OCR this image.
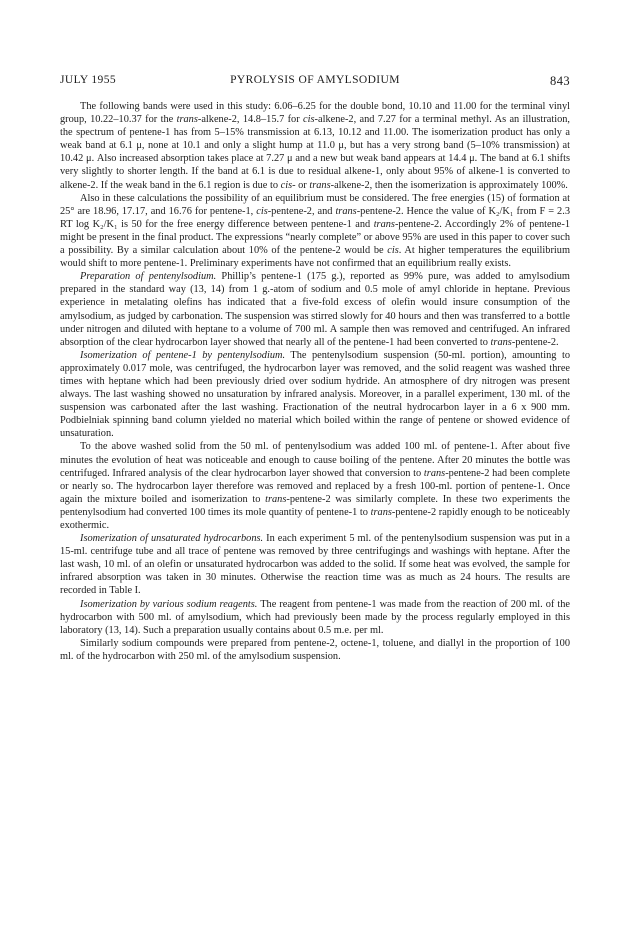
JULY 1955	PYROLYSIS OF AMYLSODIUM	843

The following bands were used in this study: 6.06–6.25 for the double bond, 10.10 and 11.00 for the terminal vinyl group, 10.22–10.37 for the trans-alkene-2, 14.8–15.7 for cis-alkene-2, and 7.27 for a terminal methyl. As an illustration, the spectrum of pentene-1 has from 5–15% transmission at 6.13, 10.12 and 11.00. The isomerization product has only a weak band at 6.1 μ, none at 10.1 and only a slight hump at 11.0 μ, but has a very strong band (5–10% transmission) at 10.42 μ. Also increased absorption takes place at 7.27 μ and a new but weak band appears at 14.4 μ. The band at 6.1 shifts very slightly to shorter length. If the band at 6.1 is due to residual alkene-1, only about 95% of alkene-1 is converted to alkene-2. If the weak band in the 6.1 region is due to cis- or trans-alkene-2, then the isomerization is approximately 100%.

Also in these calculations the possibility of an equilibrium must be considered. The free energies (15) of formation at 25° are 18.96, 17.17, and 16.76 for pentene-1, cis-pentene-2, and trans-pentene-2. Hence the value of K₂/K₁ from F = 2.3 RT log K₂/K₁ is 50 for the free energy difference between pentene-1 and trans-pentene-2. Accordingly 2% of pentene-1 might be present in the final product. The expressions “nearly complete” or above 95% are used in this paper to cover such a possibility. By a similar calculation about 10% of the pentene-2 would be cis. At higher temperatures the equilibrium would shift to more pentene-1. Preliminary experiments have not confirmed that an equilibrium really exists.

Preparation of pentenylsodium. Phillip’s pentene-1 (175 g.), reported as 99% pure, was added to amylsodium prepared in the standard way (13, 14) from 1 g.-atom of sodium and 0.5 mole of amyl chloride in heptane. Previous experience in metalating olefins has indicated that a five-fold excess of olefin would insure consumption of the amylsodium, as judged by carbonation. The suspension was stirred slowly for 40 hours and then was transferred to a bottle under nitrogen and diluted with heptane to a volume of 700 ml. A sample then was removed and centrifuged. An infrared absorption of the clear hydrocarbon layer showed that nearly all of the pentene-1 had been converted to trans-pentene-2.

Isomerization of pentene-1 by pentenylsodium. The pentenylsodium suspension (50-ml. portion), amounting to approximately 0.017 mole, was centrifuged, the hydrocarbon layer was removed, and the solid reagent was washed three times with heptane which had been previously dried over sodium hydride. An atmosphere of dry nitrogen was present always. The last washing showed no unsaturation by infrared analysis. Moreover, in a parallel experiment, 130 ml. of the suspension was carbonated after the last washing. Fractionation of the neutral hydrocarbon layer in a 6 x 900 mm. Podbielniak spinning band column yielded no material which boiled within the range of pentene or showed evidence of unsaturation.

To the above washed solid from the 50 ml. of pentenylsodium was added 100 ml. of pentene-1. After about five minutes the evolution of heat was noticeable and enough to cause boiling of the pentene. After 20 minutes the bottle was centrifuged. Infrared analysis of the clear hydrocarbon layer showed that conversion to trans-pentene-2 had been complete or nearly so. The hydrocarbon layer therefore was removed and replaced by a fresh 100-ml. portion of pentene-1. Once again the mixture boiled and isomerization to trans-pentene-2 was similarly complete. In these two experiments the pentenylsodium had converted 100 times its mole quantity of pentene-1 to trans-pentene-2 rapidly enough to be noticeably exothermic.

Isomerization of unsaturated hydrocarbons. In each experiment 5 ml. of the pentenylsodium suspension was put in a 15-ml. centrifuge tube and all trace of pentene was removed by three centrifugings and washings with heptane. After the last wash, 10 ml. of an olefin or unsaturated hydrocarbon was added to the solid. If some heat was evolved, the sample for infrared absorption was taken in 30 minutes. Otherwise the reaction time was as much as 24 hours. The results are recorded in Table I.

Isomerization by various sodium reagents. The reagent from pentene-1 was made from the reaction of 200 ml. of the hydrocarbon with 500 ml. of amylsodium, which had previously been made by the process regularly employed in this laboratory (13, 14). Such a preparation usually contains about 0.5 m.e. per ml.

Similarly sodium compounds were prepared from pentene-2, octene-1, toluene, and diallyl in the proportion of 100 ml. of the hydrocarbon with 250 ml. of the amylsodium suspension.
